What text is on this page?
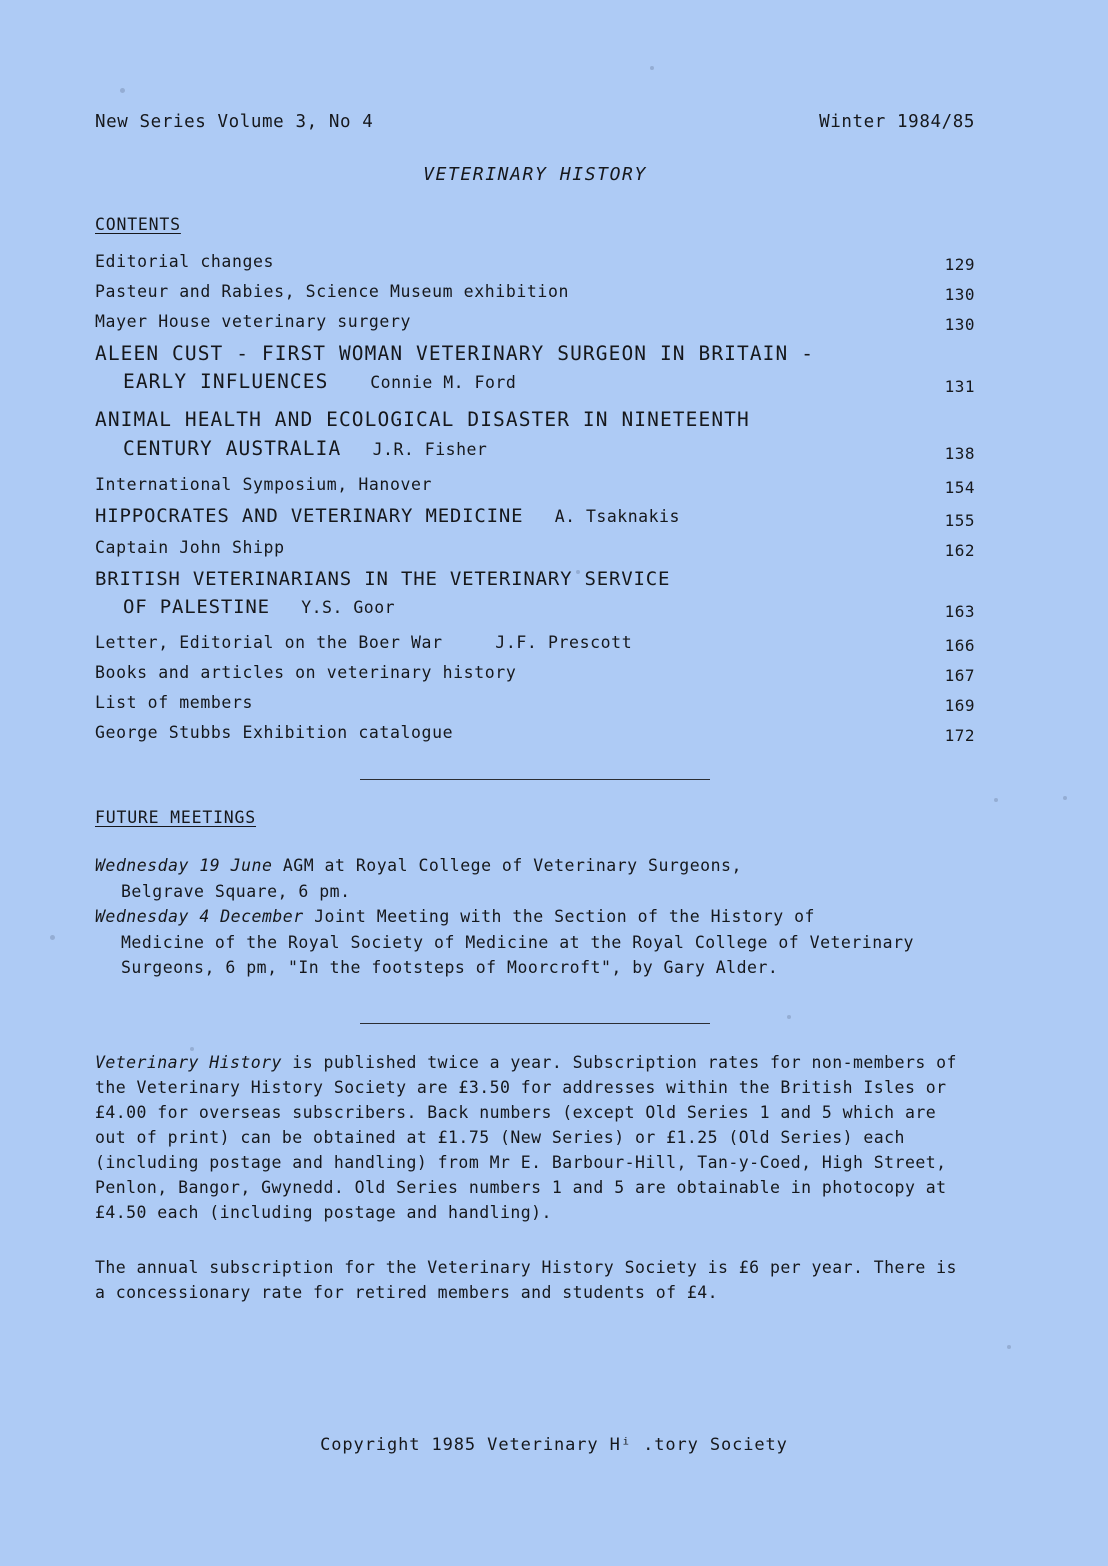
New Series Volume 3, No 4	Winter 1984/85
VETERINARY HISTORY
CONTENTS
Editorial changes	129
Pasteur and Rabies, Science Museum exhibition	130
Mayer House veterinary surgery	130
ALEEN CUST - FIRST WOMAN VETERINARY SURGEON IN BRITAIN -
EARLY INFLUENCES	Connie M. Ford	131
ANIMAL HEALTH AND ECOLOGICAL DISASTER IN NINETEENTH
CENTURY AUSTRALIA J.R. Fisher	138
International Symposium, Hanover	154
HIPPOCRATES AND VETERINARY MEDICINE A. Tsaknakis	155
Captain John Shipp	162
BRITISH VETERINARIANS IN THE VETERINARY SERVICE
OF PALESTINE Y.S. Goor	163
Letter, Editorial on the Boer War	J.F. Prescott	166
Books and articles on veterinary history	167
List of members	169
George Stubbs Exhibition catalogue	172
FUTURE MEETINGS
Wednesday 19 June AGM at Royal College of Veterinary Surgeons,
Belgrave Square, 6 pm.
Wednesday 4 December Joint Meeting with the Section of the History of
Medicine of the Royal Society of Medicine at the Royal College of Veterinary Surgeons, 6 pm, "In the footsteps of Moorcroft", by Gary Alder.
Veterinary History is published twice a year. Subscription rates for non-members of the Veterinary History Society are £3.50 for addresses within the British Isles or £4.00 for overseas subscribers. Back numbers (except Old Series 1 and 5 which are out of print) can be obtained at £1.75 (New Series) or £1.25 (Old Series) each (including postage and handling) from Mr E. Barbour-Hill, Tan-y-Coed, High Street, Penlon, Bangor, Gwynedd. Old Series numbers 1 and 5 are obtainable in photocopy at £4.50 each (including postage and handling).
The annual subscription for the Veterinary History Society is £6 per year. There is a concessionary rate for retired members and students of £4.
Copyright 1985 Veterinary Hⁱ .tory Society
